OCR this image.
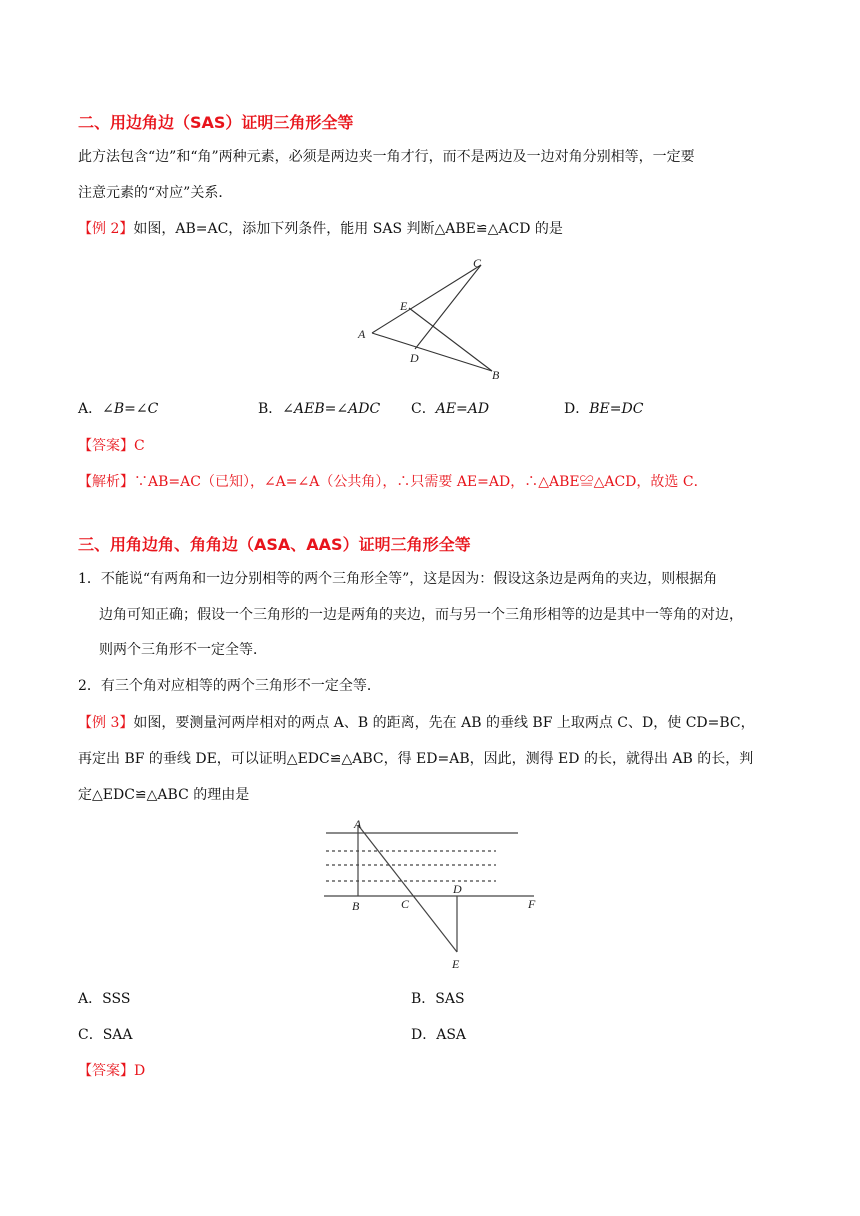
二、用边角边（SAS）证明三角形全等
此方法包含“边”和“角”两种元素，必须是两边夹一角才行，而不是两边及一边对角分别相等，一定要
注意元素的“对应”关系．
【例 2】如图，AB=AC，添加下列条件，能用 SAS 判断△ABE≌△ACD 的是
C
E
A
D
B
A．∠B=∠C	B．∠AEB=∠ADC C．AE=AD	D．BE=DC
【答案】C
【解析】∵AB=AC（已知），∠A=∠A（公共角），∴只需要 AE=AD，∴△ABE≌△ACD，故选 C．
三、用角边角、角角边（ASA、AAS）证明三角形全等
1．不能说“有两角和一边分别相等的两个三角形全等”，这是因为：假设这条边是两角的夹边，则根据角
边角可知正确；假设一个三角形的一边是两角的夹边，而与另一个三角形相等的边是其中一等角的对边，
则两个三角形不一定全等．
2．有三个角对应相等的两个三角形不一定全等．
【例 3】如图，要测量河两岸相对的两点 A、B 的距离，先在 AB 的垂线 BF 上取两点 C、D，使 CD=BC，
再定出 BF 的垂线 DE，可以证明△EDC≌△ABC，得 ED=AB，因此，测得 ED 的长，就得出 AB 的长，判
定△EDC≌△ABC 的理由是
A
B	C
D
F
E
A．SSS	B．SAS
C．SAA	D．ASA
【答案】D
